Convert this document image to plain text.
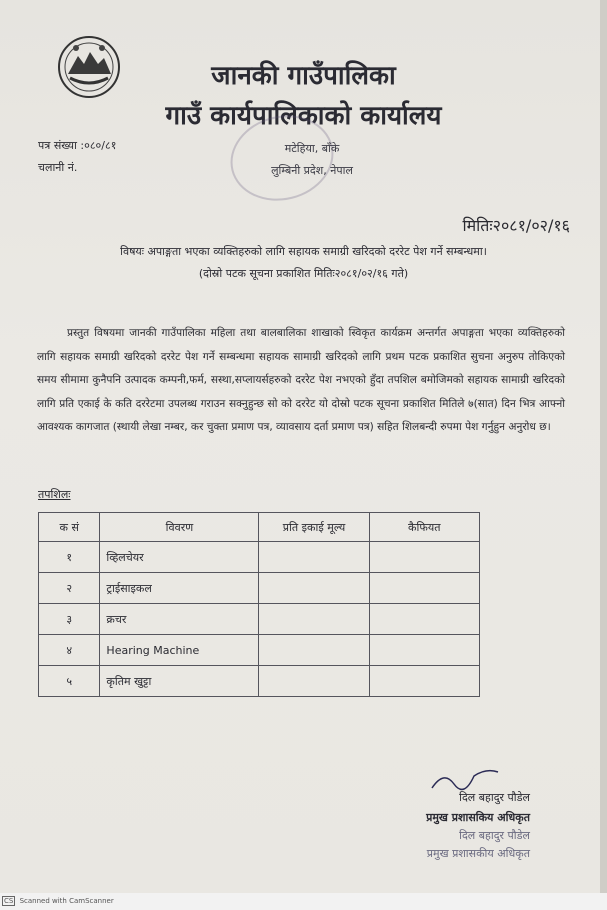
जानकी गाउँपालिका
गाउँ कार्यपालिकाको कार्यालय
पत्र संख्या :०८०/८१
चलानी नं.
मटेहिया, बाँके
लुम्बिनी प्रदेश, नेपाल
मितिः२०८१/०२/१६
विषयः अपाङ्गता भएका व्यक्तिहरुको लागि सहायक समाग्री खरिदको दररेट पेश गर्ने सम्बन्धमा।
(दोस्रो पटक सूचना प्रकाशित मितिः२०८१/०२/१६ गते)

प्रस्तुत विषयमा जानकी गाउँपालिका महिला तथा बालबालिका शाखाको स्विकृत कार्यक्रम अन्तर्गत अपाङ्गता भएका व्यक्तिहरुको लागि सहायक समाग्री खरिदको दररेट पेश गर्ने सम्बन्धमा सहायक सामाग्री खरिदको लागि प्रथम पटक प्रकाशित सुचना अनुरुप तोकिएको समय सीमामा कुनैपनि उत्पादक कम्पनी,फर्म, सस्था,सप्लायर्सहरुको दररेट पेश नभएको हुँदा तपशिल बमोजिमको सहायक सामाग्री खरिदको लागि प्रति एकाई के कति दररेटमा उपलब्ध गराउन सक्नुहुन्छ सो को दररेट यो दोस्रो पटक सूचना प्रकाशित मितिले ७(सात) दिन भित्र आफ्नो आवश्यक कागजात (स्थायी लेखा नम्बर, कर चुक्ता प्रमाण पत्र, व्यावसाय दर्ता प्रमाण पत्र) सहित शिलबन्दी रुपमा पेश गर्नुहुन अनुरोध छ।

तपशिलः
क सं	विवरण	प्रति इकाई मूल्य	कैफियत
१	व्हिलचेयर		
२	ट्राईसाइकल		
३	क्रचर		
४	Hearing Machine		
५	कृतिम खुट्टा		
दिल बहादुर पौडेल
प्रमुख प्रशासकिय अधिकृत
दिल बहादुर पौडेल
प्रमुख प्रशासकीय अधिकृत
CS Scanned with CamScanner
